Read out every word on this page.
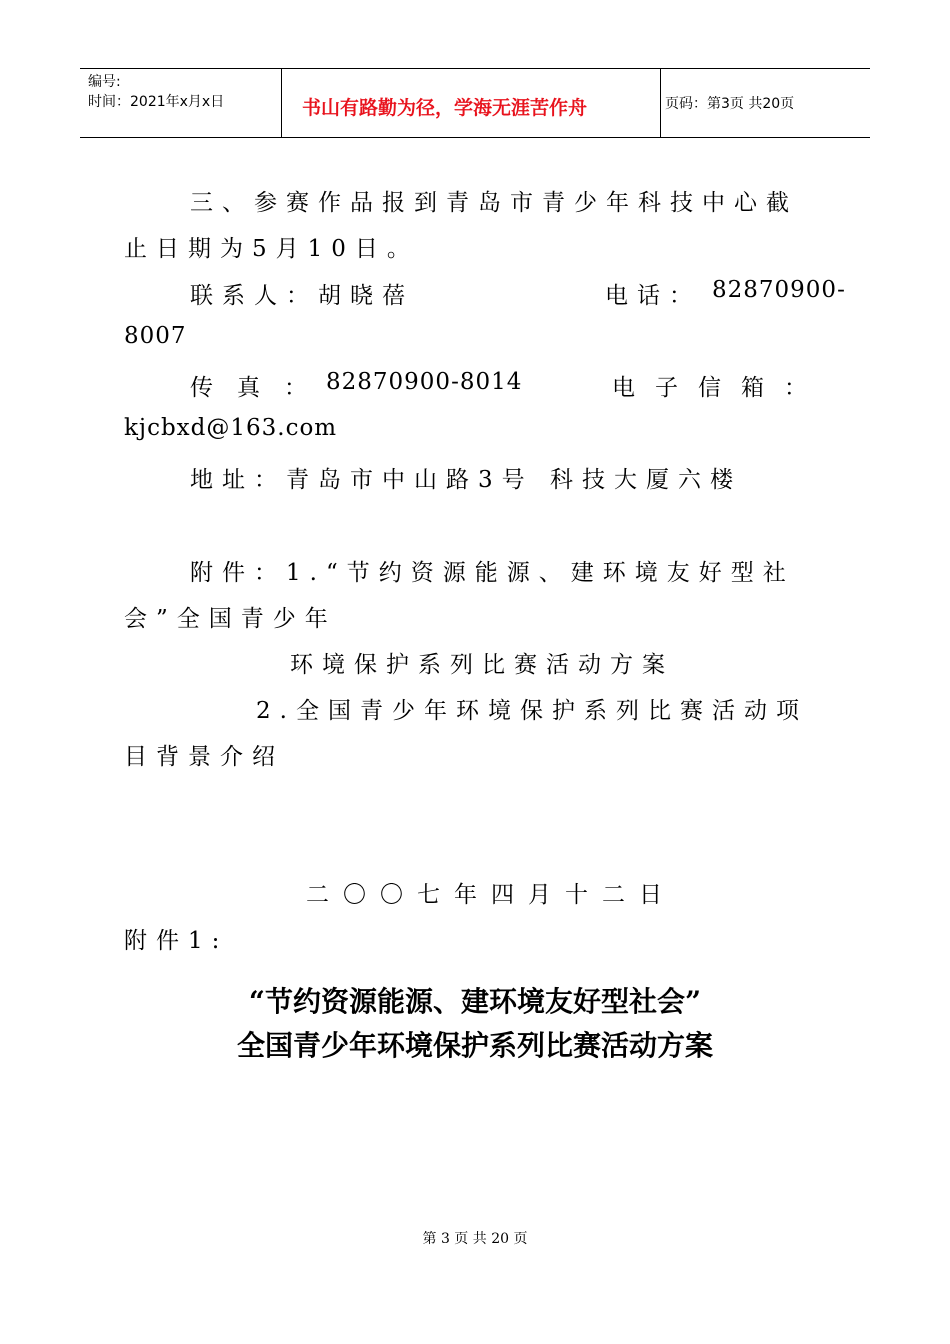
编号:
时间：2021年x月x日	书山有路勤为径，学海无涯苦作舟	页码：第3页 共20页
三、参赛作品报到青岛市青少年科技中心截
止日期为5月10日。
联系人：胡晓蓓	电话： 82870900-
8007
传真：
82870900-8014	电子信箱：
kjcbxd@163.com
地址：青岛市中山路3号 科技大厦六楼
附件：1.“节约资源能源、建环境友好型社
会”全国青少年
环境保护系列比赛活动方案
2.全国青少年环境保护系列比赛活动项
目背景介绍
二〇〇七年四月十二日
附件1:
“节约资源能源、建环境友好型社会”
全国青少年环境保护系列比赛活动方案
第 3 页 共 20 页
